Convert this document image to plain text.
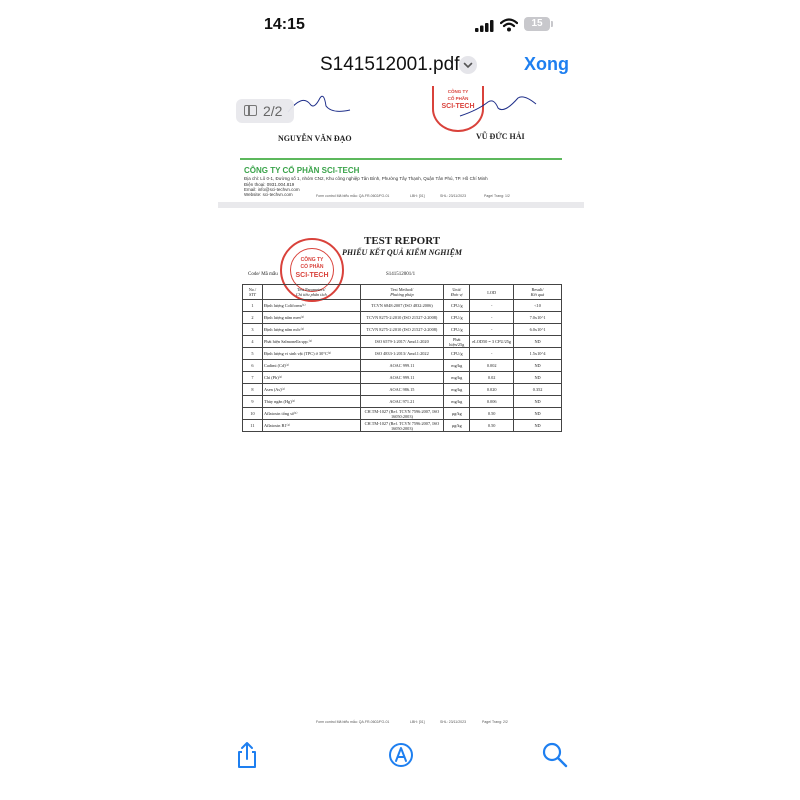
14:15	15
S141512001.pdf	Xong
NGUYỄN VĂN ĐẠO
CÔNG TY
CỔ PHẦN
SCI-TECH
VŨ ĐỨC HẢI
CÔNG TY CỔ PHẦN SCI-TECH
Địa chỉ: Lô 0-1, Đường số 1, nhóm CN2, Khu công nghiệp Tân Bình, Phường Tây Thạnh, Quận Tân Phú, TP. Hồ Chí Minh
Điện thoại: 0931.004.819
Email: info@sci-techvn.com
Website: sci-techvn.com	Form control Mã biểu mẫu: QA.FR-0602/FO-01	LBH: [01]	SHL: 23/11/2023	Page/ Trang: 1/2
2/2
CÔNG TY
CỔ PHẦN
SCI-TECH
TEST REPORT
PHIẾU KẾT QUẢ KIỂM NGHIỆM
Code/ Mã mẫu	S141512001/1
No./
STT	Test Parameters/
Chỉ tiêu phân tích	Test Method/
Phương pháp	Unit/
Đơn vị	LOD	Result/
Kết quả

1	Định lượng Coliforms⁽¹⁾	TCVN 6848:2007 (ISO 4832:2006)	CFU/g	-	<10
2	Định lượng nấm men⁽¹⁾	TCVN 8275-2:2010 (ISO 21527-2:2008)	CFU/g	-	7.0x10^1
3	Định lượng nấm mốc⁽¹⁾	TCVN 8275-2:2010 (ISO 21527-2:2008)	CFU/g	-	6.0x10^1
4	Phát hiện Salmonella spp.⁽¹⁾	ISO 6579-1:2017/ Amd.1:2020	Phát hiện/25g	eLOD50 = 3 CFU/25g	ND
5	Định lượng vi sinh vật (TPC) ở 30°C⁽¹⁾	ISO 4833-1:2013/ Amd.1:2022	CFU/g	-	1.5x10^4
6	Cadimi (Cd)⁽¹⁾	AOAC 999.11	mg/kg	0.002	ND
7	Chì (Pb)⁽¹⁾	AOAC 999.11	mg/kg	0.02	ND
8	Asen (As)⁽¹⁾	AOAC 986.15	mg/kg	0.020	0.352
9	Thủy ngân (Hg)⁽¹⁾	AOAC 971.21	mg/kg	0.006	ND
10	Aflatoxin tổng số⁽¹⁾	CH.TM-1027 (Ref. TCVN 7596:2007, ISO 16050:2003)	µg/kg	0.50	ND
11	Aflatoxin B1⁽¹⁾	CH.TM-1027 (Ref. TCVN 7596:2007, ISO 16050:2003)	µg/kg	0.50	ND
Form control Mã biểu mẫu: QA.FR-0602/FO-01	LBH: [01]	SHL: 23/11/2023	Page/ Trang: 2/2
